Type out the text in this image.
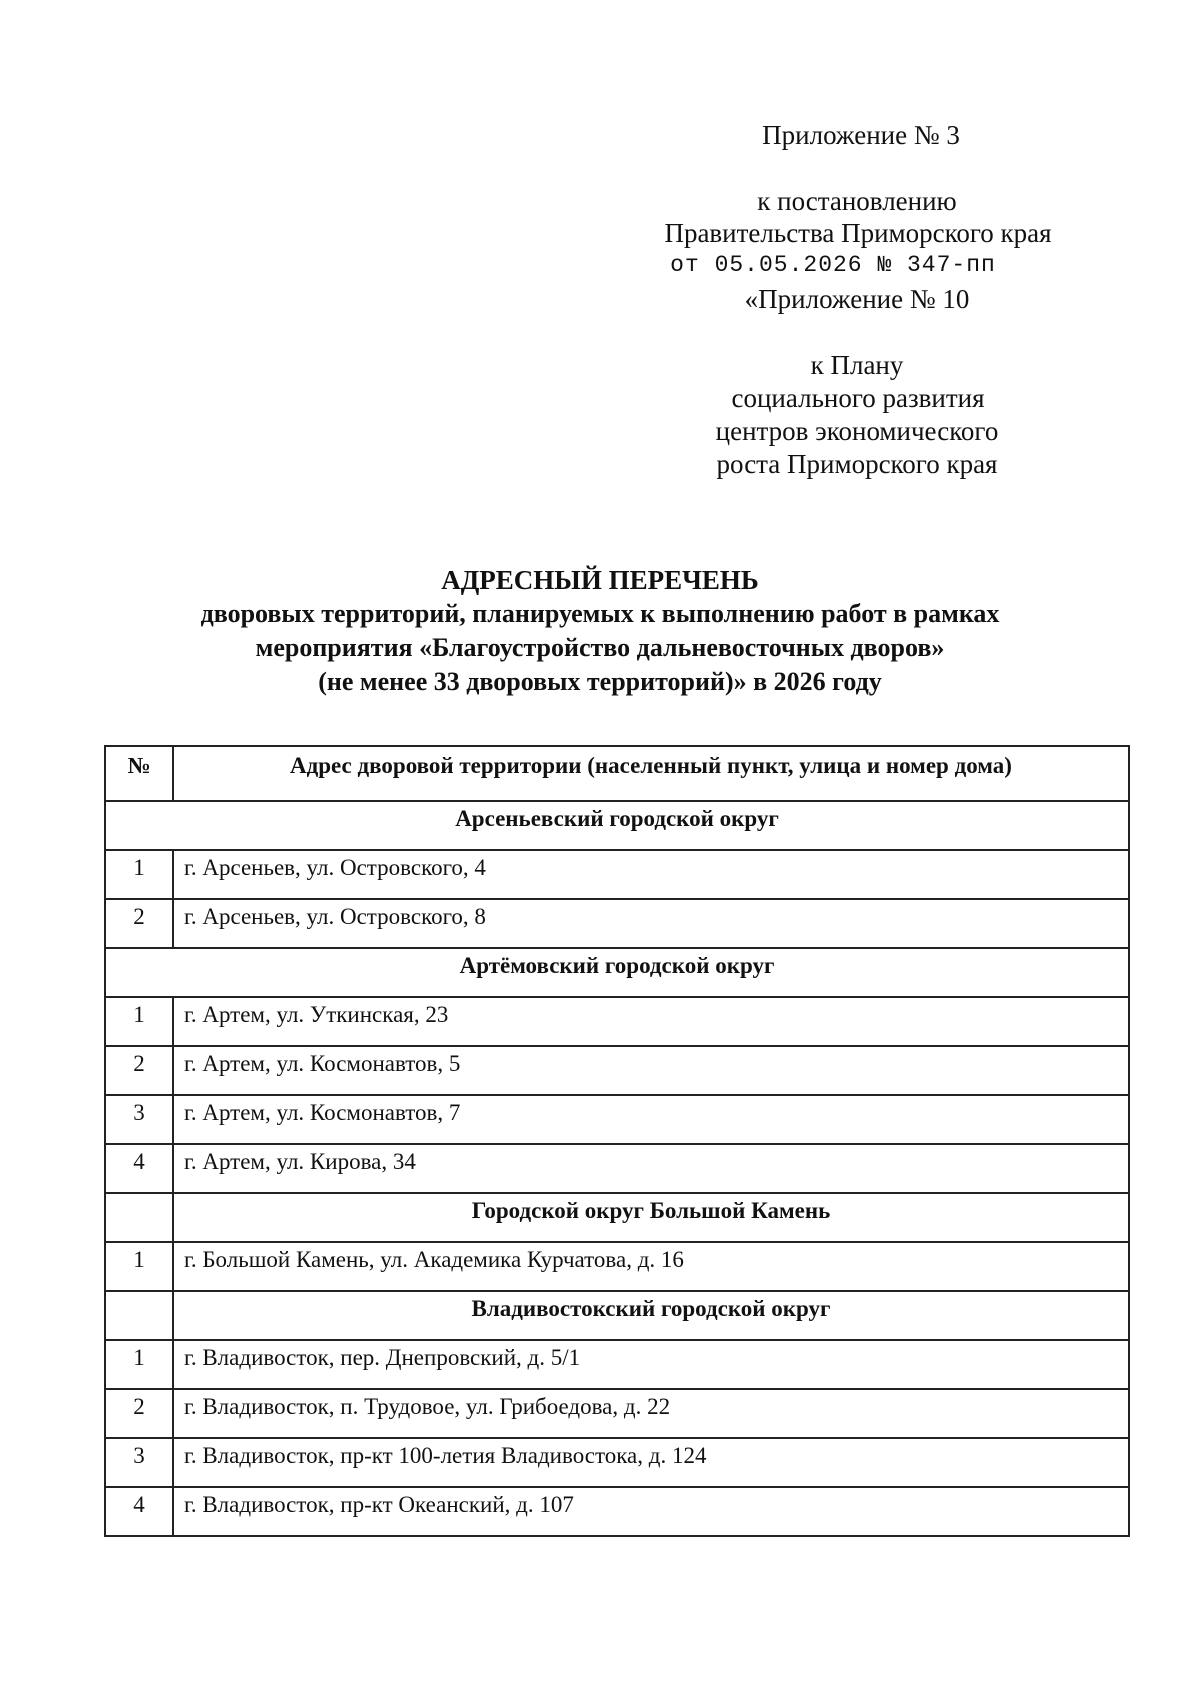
Приложение № 3
к постановлению
Правительства Приморского края
от 05.05.2026 № 347-пп
«Приложение № 10
к Плану
социального развития
центров экономического
роста Приморского края
АДРЕСНЫЙ ПЕРЕЧЕНЬ
дворовых территорий, планируемых к выполнению работ в рамках
мероприятия «Благоустройство дальневосточных дворов»
(не менее 33 дворовых территорий)» в 2026 году
№	Адрес дворовой территории (населенный пункт, улица и номер дома)
Арсеньевский городской округ	
1	г. Арсеньев, ул. Островского, 4
2	г. Арсеньев, ул. Островского, 8
Артёмовский городской округ	
1	г. Артем, ул. Уткинская, 23
2	г. Артем, ул. Космонавтов, 5
3	г. Артем, ул. Космонавтов, 7
4	г. Артем, ул. Кирова, 34
	Городской округ Большой Камень
1	г. Большой Камень, ул. Академика Курчатова, д. 16
	Владивостокский городской округ
1	г. Владивосток, пер. Днепровский, д. 5/1
2	г. Владивосток, п. Трудовое, ул. Грибоедова, д. 22
3	г. Владивосток, пр-кт 100-летия Владивостока, д. 124
4	г. Владивосток, пр-кт Океанский, д. 107
